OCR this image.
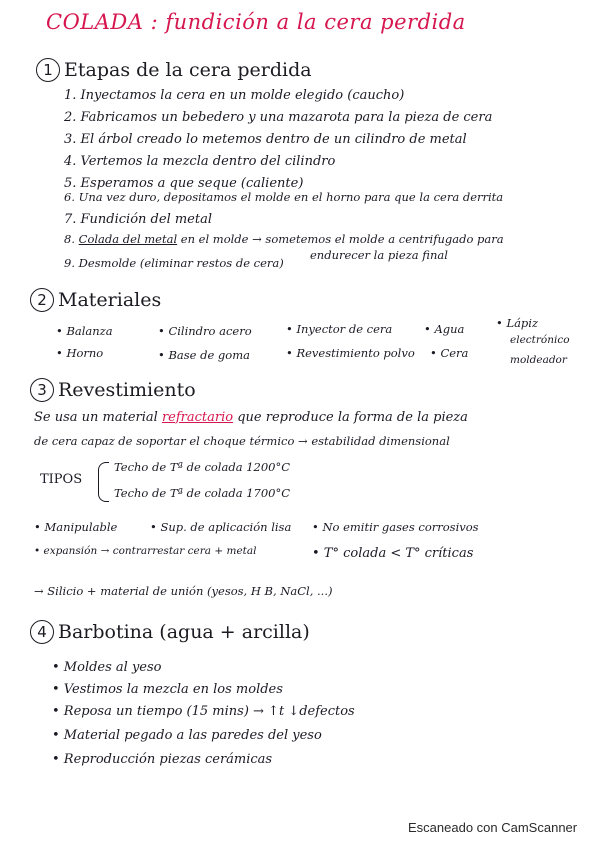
COLADA : fundición a la cera perdida
1 Etapas de la cera perdida
1. Inyectamos la cera en un molde elegido (caucho)
2. Fabricamos un bebedero y una mazarota para la pieza de cera
3. El árbol creado lo metemos dentro de un cilindro de metal
4. Vertemos la mezcla dentro del cilindro
5. Esperamos a que seque (caliente)
6. Una vez duro, depositamos el molde en el horno para que la cera derrita
7. Fundición del metal
8. Colada del metal en el molde → sometemos el molde a centrifugado para
endurecer la pieza final
9. Desmolde (eliminar restos de cera)
2 Materiales
• Balanza	• Cilindro acero	• Inyector de cera	• Agua	• Lápiz
electrónico
moldeador
• Horno	• Base de goma	• Revestimiento polvo • Cera
3 Revestimiento
Se usa un material refractario que reproduce la forma de la pieza
de cera capaz de soportar el choque térmico → estabilidad dimensional
TIPOS
Techo de Tª de colada 1200°C
Techo de Tª de colada 1700°C
• Manipulable	• Sup. de aplicación lisa • No emitir gases corrosivos
• expansión → contrarrestar cera + metal	• T° colada < T° críticas
→ Silicio + material de unión (yesos, H B, NaCl, ...)
4 Barbotina (agua + arcilla)
• Moldes al yeso
• Vestimos la mezcla en los moldes
• Reposa un tiempo (15 mins) → ↑t ↓defectos
• Material pegado a las paredes del yeso
• Reproducción piezas cerámicas
Escaneado con CamScanner
